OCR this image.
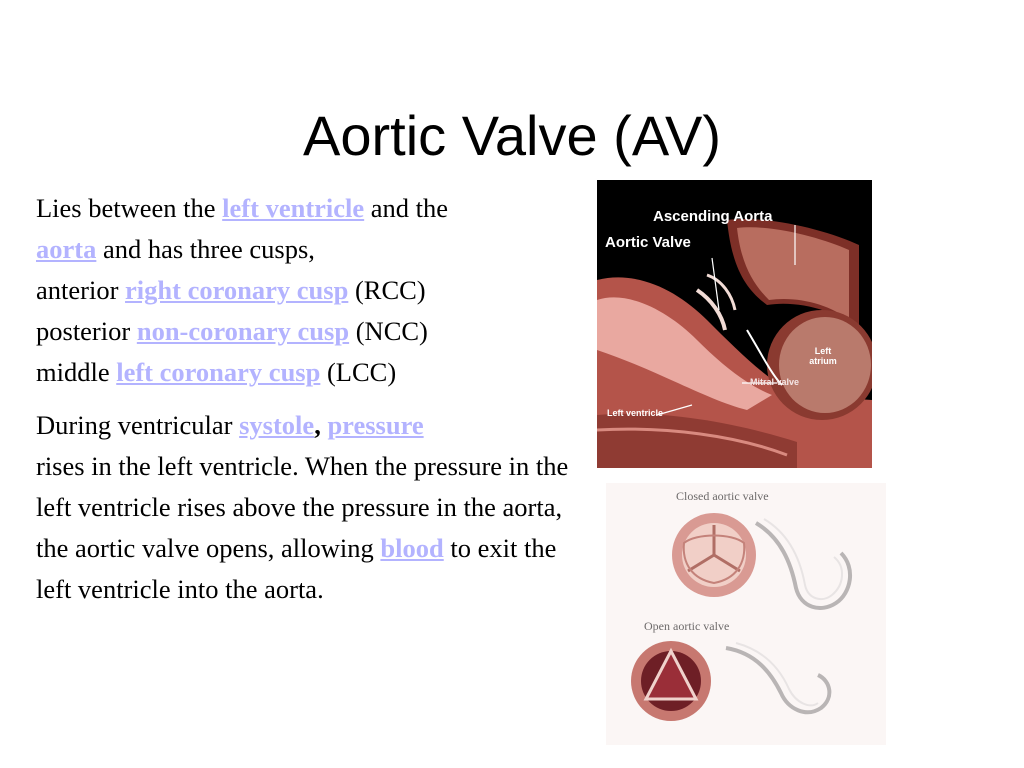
Aortic Valve (AV)

Lies between the left ventricle and the
aorta and has three cusps,
anterior right coronary cusp (RCC)
posterior non-coronary cusp (NCC)
middle left coronary cusp (LCC)

During ventricular systole, pressure
rises in the left ventricle. When the pressure in the left ventricle rises above the pressure in the aorta, the aortic valve opens, allowing blood to exit the left ventricle into the aorta.

Ascending Aorta
Aortic Valve
Left atrium
Mitral valve
Left ventricle
Closed aortic valve
Open aortic valve
